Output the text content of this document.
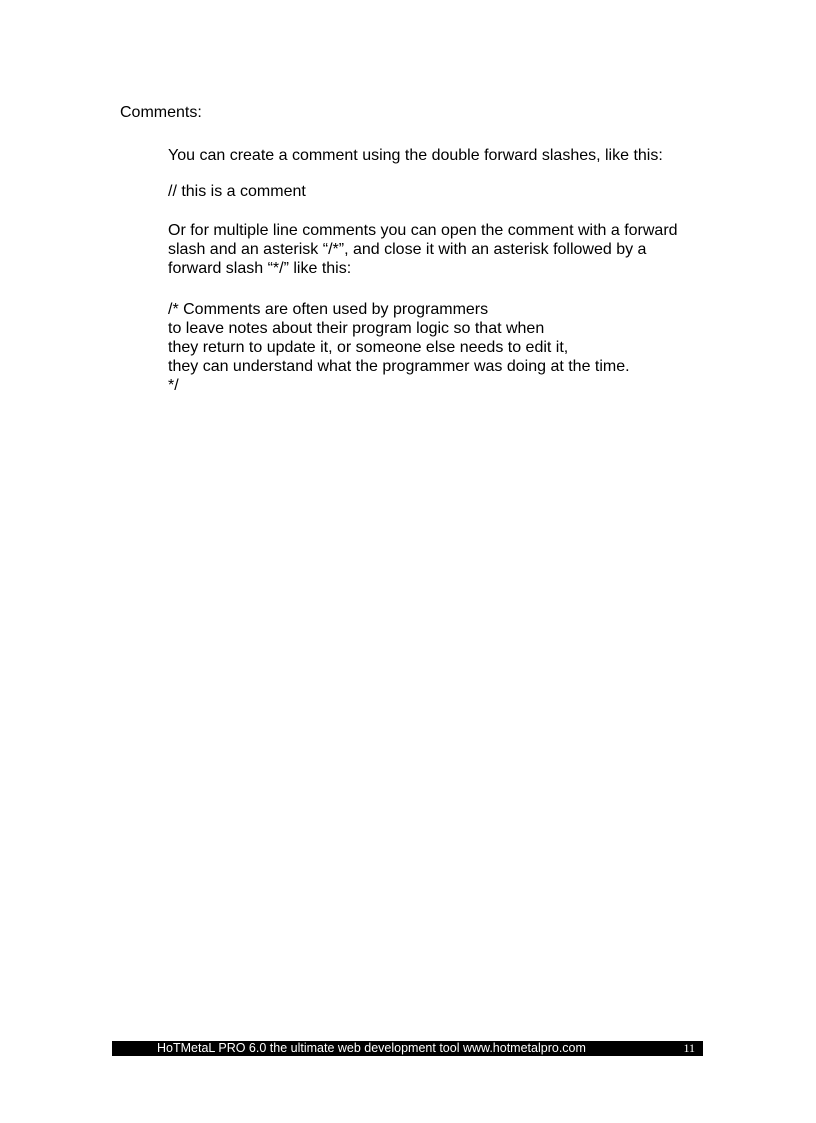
Comments:

You can create a comment using the double forward slashes, like this:

// this is a comment

Or for multiple line comments you can open the comment with a forward
slash and an asterisk “/*”, and close it with an asterisk followed by a
forward slash “*/” like this:

/* Comments are often used by programmers
to leave notes about their program logic so that when
they return to update it, or someone else needs to edit it,
they can understand what the programmer was doing at the time.
*/

HoTMetaL PRO 6.0 the ultimate web development tool www.hotmetalpro.com	11
